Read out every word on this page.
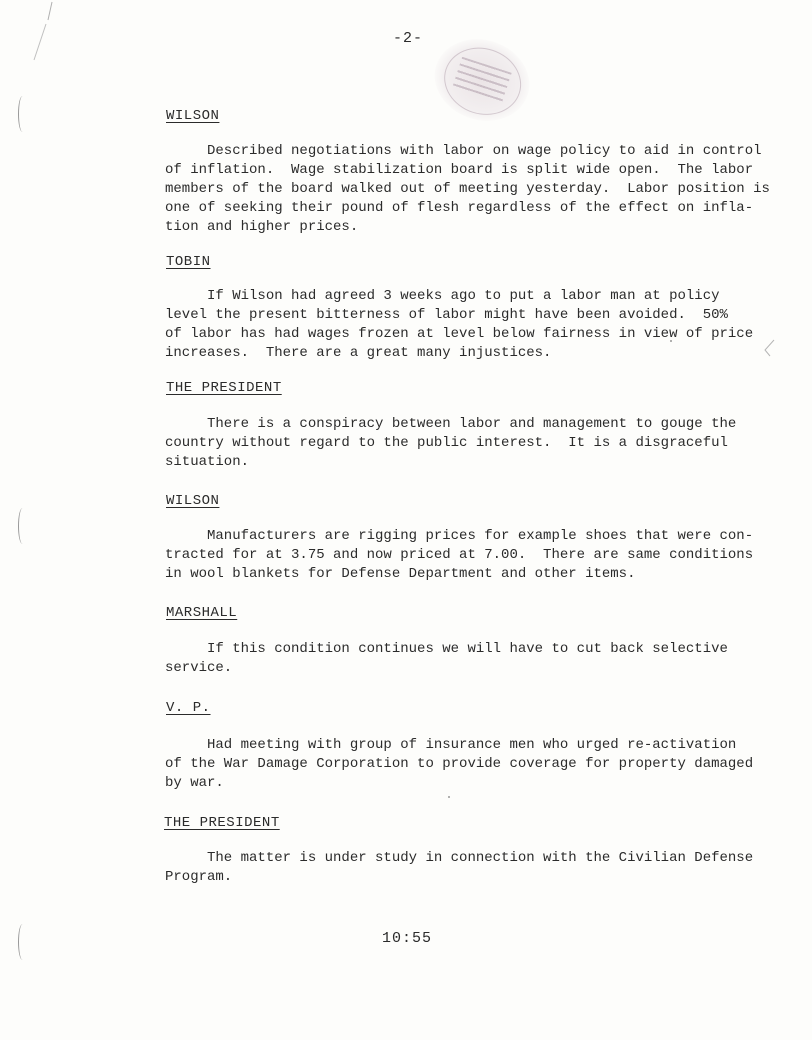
-2-
WILSON
Described negotiations with labor on wage policy to aid in control
of inflation.  Wage stabilization board is split wide open.  The labor
members of the board walked out of meeting yesterday.  Labor position is
one of seeking their pound of flesh regardless of the effect on infla-
tion and higher prices.
TOBIN
If Wilson had agreed 3 weeks ago to put a labor man at policy
level the present bitterness of labor might have been avoided.  50%
of labor has had wages frozen at level below fairness in view of price
increases.  There are a great many injustices.
THE PRESIDENT
There is a conspiracy between labor and management to gouge the
country without regard to the public interest.  It is a disgraceful
situation.
WILSON
Manufacturers are rigging prices for example shoes that were con-
tracted for at 3.75 and now priced at 7.00.  There are same conditions
in wool blankets for Defense Department and other items.
MARSHALL
If this condition continues we will have to cut back selective
service.
V. P.
Had meeting with group of insurance men who urged re-activation
of the War Damage Corporation to provide coverage for property damaged
by war.
THE PRESIDENT
The matter is under study in connection with the Civilian Defense
Program.
10:55
